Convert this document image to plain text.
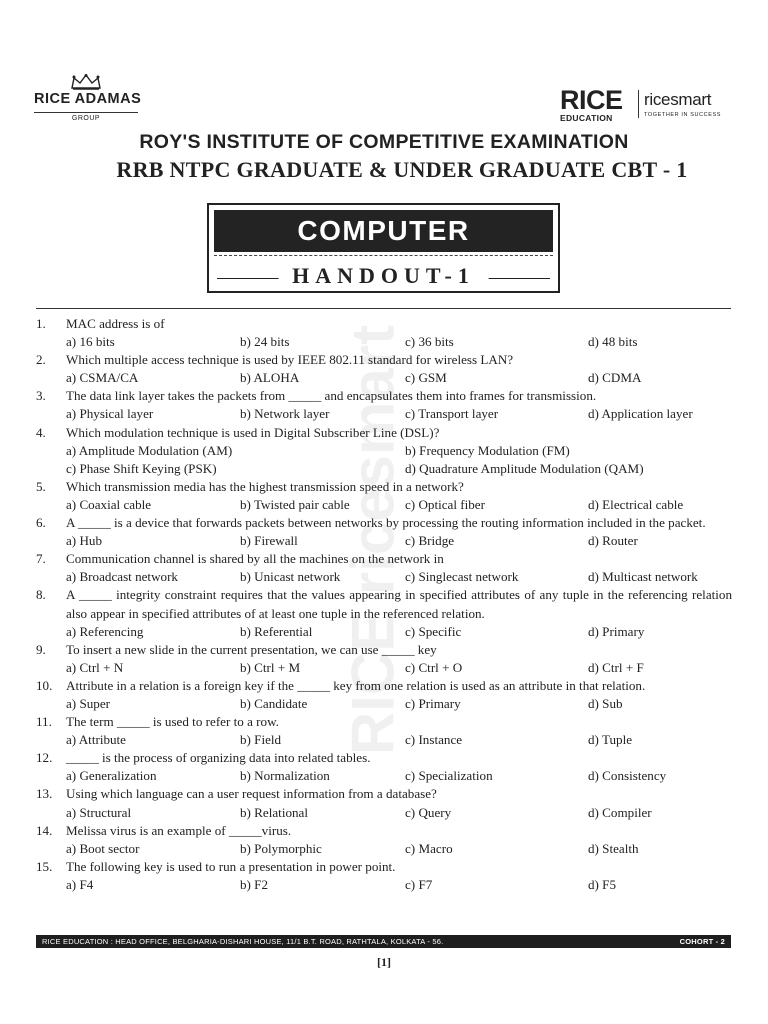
RICE ADAMAS
GROUP
RICE
EDUCATION
ricesmart
TOGETHER IN SUCCESS
ROY'S INSTITUTE OF COMPETITIVE EXAMINATION
RRB NTPC GRADUATE & UNDER GRADUATE CBT - 1
COMPUTER
HANDOUT-1
RICE ricesmart
1.	MAC address is of
a) 16 bits	b) 24 bits	c) 36 bits	d) 48 bits
2.	Which multiple access technique is used by IEEE 802.11 standard for wireless LAN?
a) CSMA/CA	b) ALOHA	c) GSM	d) CDMA
3.	The data link layer takes the packets from _____ and encapsulates them into frames for transmission.
a) Physical layer	b) Network layer	c) Transport layer	d) Application layer
4.	Which modulation technique is used in Digital Subscriber Line (DSL)?
a) Amplitude Modulation (AM)	b) Frequency Modulation (FM)
c) Phase Shift Keying (PSK)	d) Quadrature Amplitude Modulation (QAM)
5.	Which transmission media has the highest transmission speed in a network?
a) Coaxial cable	b) Twisted pair cable	c) Optical fiber	d) Electrical cable
6.	A _____ is a device that forwards packets between networks by processing the routing information included in the packet.
a) Hub	b) Firewall	c) Bridge	d) Router
7.	Communication channel is shared by all the machines on the network in
a) Broadcast network	b) Unicast network	c) Singlecast network	d) Multicast network
8.	A _____ integrity constraint requires that the values appearing in specified attributes of any tuple in the referencing relation also appear in specified attributes of at least one tuple in the referenced relation.
a) Referencing	b) Referential	c) Specific	d) Primary
9.	To insert a new slide in the current presentation, we can use _____ key
a) Ctrl + N	b) Ctrl + M	c) Ctrl + O	d) Ctrl + F
10.	Attribute in a relation is a foreign key if the _____ key from one relation is used as an attribute in that relation.
a) Super	b) Candidate	c) Primary	d) Sub
11.	The term _____ is used to refer to a row.
a) Attribute	b) Field	c) Instance	d) Tuple
12.	_____ is the process of organizing data into related tables.
a) Generalization	b) Normalization	c) Specialization	d) Consistency
13.	Using which language can a user request information from a database?
a) Structural	b) Relational	c) Query	d) Compiler
14.	Melissa virus is an example of _____virus.
a) Boot sector	b) Polymorphic	c) Macro	d) Stealth
15.	The following key is used to run a presentation in power point.
a) F4	b) F2	c) F7	d) F5
RICE EDUCATION : HEAD OFFICE, BELGHARIA-DISHARI HOUSE, 11/1 B.T. ROAD, RATHTALA, KOLKATA - 56.	COHORT - 2
[1]
